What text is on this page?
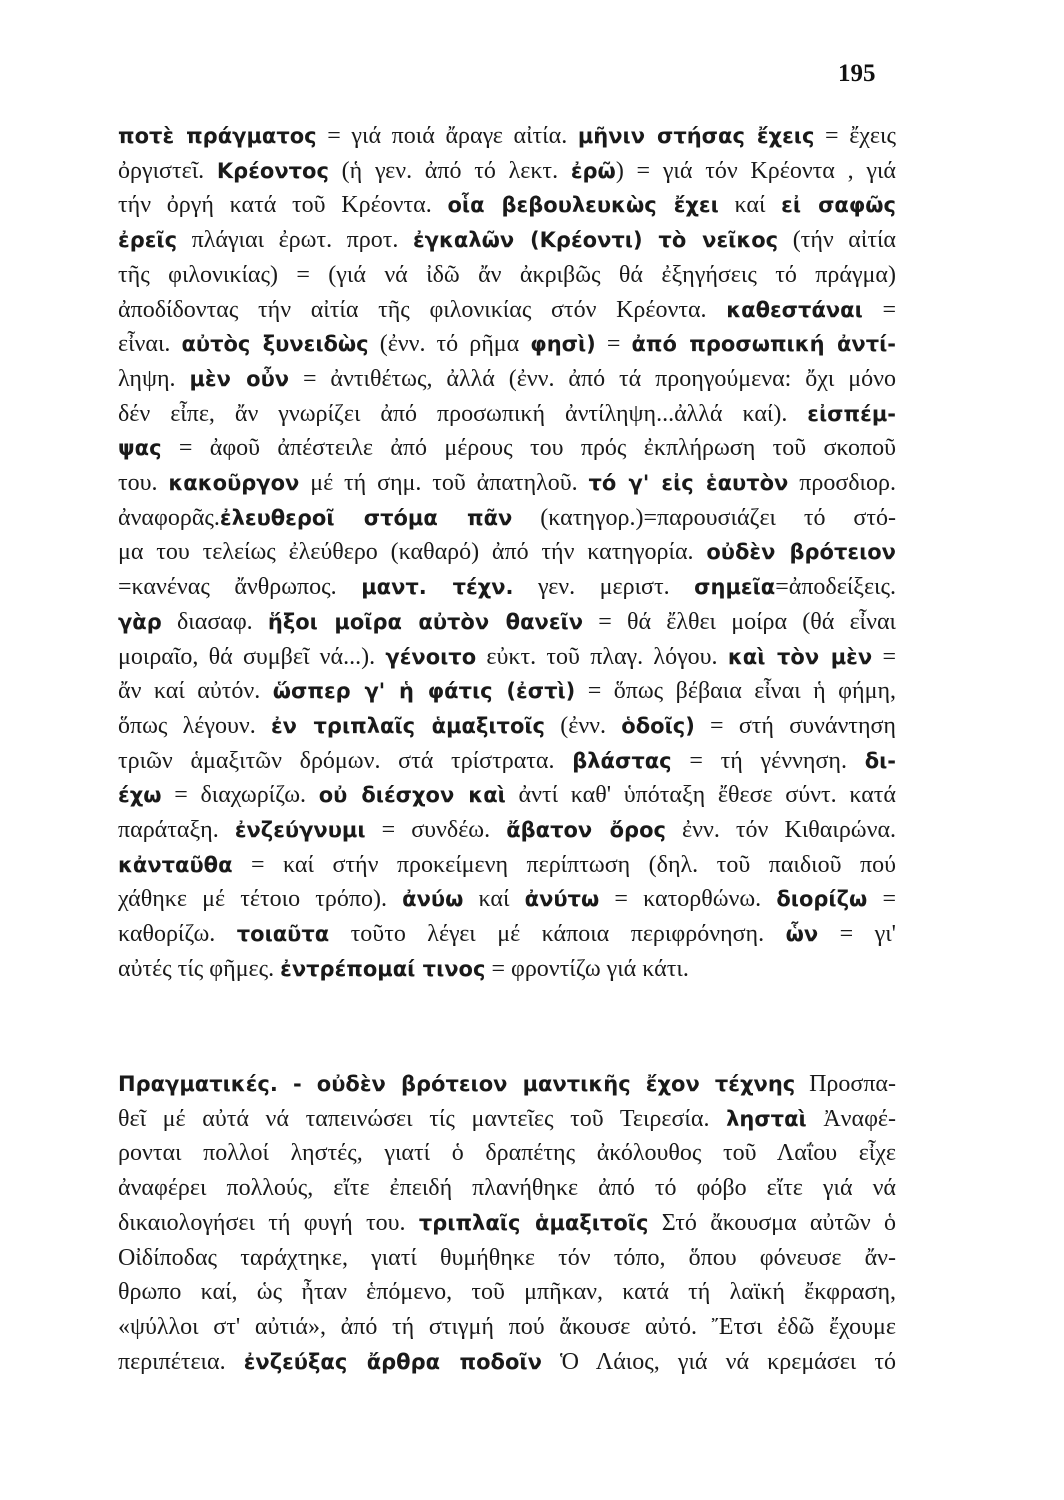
195
ποτὲ πράγματος = γιά ποιά ἄραγε αἰτία. μῆνιν στήσας ἔχεις = ἔχεις
ὀργιστεῖ. Κρέοντος (ἡ γεν. ἀπό τό λεκτ. ἐρῶ) = γιά τόν Κρέοντα , γιά
τήν ὀργή κατά τοῦ Κρέοντα. οἷα βεβουλευκὼς ἔχει καί εἰ σαφῶς
ἐρεῖς πλάγιαι ἐρωτ. προτ. ἐγκαλῶν (Κρέοντι) τὸ νεῖκος (τήν αἰτία
τῆς φιλονικίας) = (γιά νά ἰδῶ ἄν ἀκριβῶς θά ἐξηγήσεις τό πράγμα)
ἀποδίδοντας τήν αἰτία τῆς φιλονικίας στόν Κρέοντα. καθεστάναι =
εἶναι. αὐτὸς ξυνειδὼς (ἐνν. τό ρῆμα φησὶ) = ἀπό προσωπική ἀντί-
ληψη. μὲν οὖν = ἀντιθέτως, ἀλλά (ἐνν. ἀπό τά προηγούμενα: ὄχι μόνο
δέν εἶπε, ἄν γνωρίζει ἀπό προσωπική ἀντίληψη...ἀλλά καί). εἰσπέμ-
ψας = ἀφοῦ ἀπέστειλε ἀπό μέρους του πρός ἐκπλήρωση τοῦ σκοποῦ
του. κακοῦργον μέ τή σημ. τοῦ ἀπατηλοῦ. τό γ' εἰς ἑαυτὸν προσδιορ.
ἀναφορᾶς.ἐλευθεροῖ στόμα πᾶν (κατηγορ.)=παρουσιάζει τό στό-
μα του τελείως ἐλεύθερο (καθαρό) ἀπό τήν κατηγορία. οὐδὲν βρότειον
=κανένας ἄνθρωπος. μαντ. τέχν. γεν. μεριστ. σημεῖα=ἀποδείξεις.
γὰρ διασαφ. ἥξοι μοῖρα αὐτὸν θανεῖν = θά ἔλθει μοίρα (θά εἶναι
μοιραῖο, θά συμβεῖ νά...). γένοιτο εὐκτ. τοῦ πλαγ. λόγου. καὶ τὸν μὲν =
ἄν καί αὐτόν. ὥσπερ γ' ἡ φάτις (ἐστὶ) = ὅπως βέβαια εἶναι ἡ φήμη,
ὅπως λέγουν. ἐν τριπλαῖς ἁμαξιτοῖς (ἐνν. ὁδοῖς) = στή συνάντηση
τριῶν ἁμαξιτῶν δρόμων. στά τρίστρατα. βλάστας = τή γέννηση. δι-
έχω = διαχωρίζω. οὐ διέσχον καὶ ἀντί καθ' ὑπόταξη ἔθεσε σύντ. κατά
παράταξη. ἐνζεύγνυμι = συνδέω. ἄβατον ὄρος ἐνν. τόν Κιθαιρώνα.
κἀνταῦθα = καί στήν προκείμενη περίπτωση (δηλ. τοῦ παιδιοῦ πού
χάθηκε μέ τέτοιο τρόπο). ἀνύω καί ἀνύτω = κατορθώνω. διορίζω =
καθορίζω. τοιαῦτα τοῦτο λέγει μέ κάποια περιφρόνηση. ὧν = γι'
αὐτές τίς φῆμες. ἐντρέπομαί τινος = φροντίζω γιά κάτι.
Πραγματικές. - οὐδὲν βρότειον μαντικῆς ἔχον τέχνης Προσπα-
θεῖ μέ αὐτά νά ταπεινώσει τίς μαντεῖες τοῦ Τειρεσία. λησταὶ Ἀναφέ-
ρονται πολλοί ληστές, γιατί ὁ δραπέτης ἀκόλουθος τοῦ Λαΐου εἶχε
ἀναφέρει πολλούς, εἴτε ἐπειδή πλανήθηκε ἀπό τό φόβο εἴτε γιά νά
δικαιολογήσει τή φυγή του. τριπλαῖς ἁμαξιτοῖς Στό ἄκουσμα αὐτῶν ὁ
Οἰδίποδας ταράχτηκε, γιατί θυμήθηκε τόν τόπο, ὅπου φόνευσε ἄν-
θρωπο καί, ὡς ἦταν ἑπόμενο, τοῦ μπῆκαν, κατά τή λαϊκή ἔκφραση,
«ψύλλοι στ' αὐτιά», ἀπό τή στιγμή πού ἄκουσε αὐτό. Ἔτσι ἐδῶ ἔχουμε
περιπέτεια. ἐνζεύξας ἄρθρα ποδοῖν Ὁ Λάιος, γιά νά κρεμάσει τό
